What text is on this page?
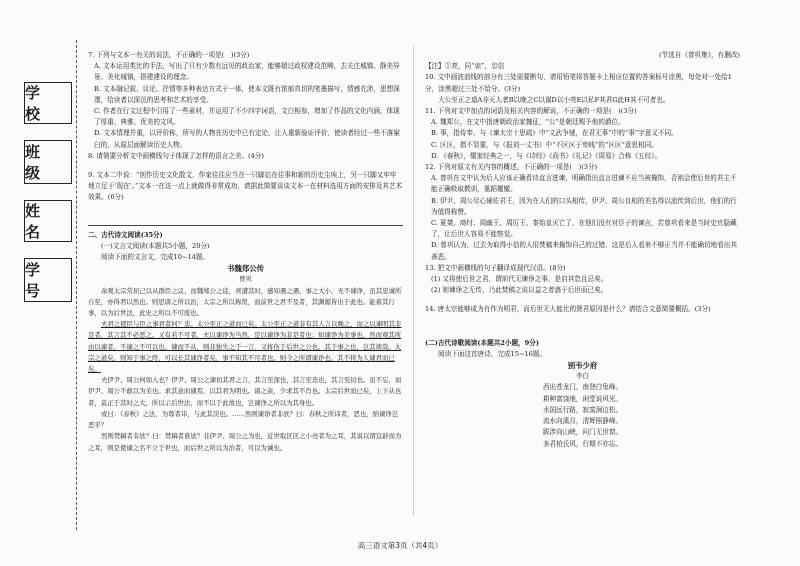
学 校
班 级
姓 名
学 号

7. 下列与文本一有关的说法，不正确的一项是(　)(3分)

A. 文本运用类比的手法，写出了只有少数有远见的政治家，能够超过政权建设范畴，去关注城镇、静美异景、美化城镇，搭建建设的理念。

B. 文本融记叙、议论、抒情等多种表达方式于一体，使本文既有浓郁真切的笔墨描写，情感充沛，思想深邃，给读者以深沉的思考和艺术的享受。

C. 作者在行文过程中引用了一些素材，并运用了不少四字词语，文白相参，增加了作品的文化内涵，体现了厚重、典雅、优美的文风。

D. 文本情理并重，以评价称，所写的人物在历史中已有定论，让人重新验证评价，使读者经过一些不落窠臼的，从原层面解读历史人物。

8. 请简要分析文中画横线句子体现了怎样的语言之美。(4分)

9. 文本二中说：“创作历史文化散文，作家往往应当在一只脚站在往事和新的历史尘埃上，另一只脚又牢牢地立足于‘现在’。”文本一在这一点上就做得非常成功，请据此简要谈谈文本一在材料选用方面的安排及其艺术效果。(6分)

二、古代诗文阅读(35分)

(一)文言文阅读(本题共5小题，20分)

阅读下面的文言文，完成10~14题。

书魏郑公传

曾巩

余观太宗常屈己以从群臣之议，而魏郑公之徒，喜遭其时，感知遇之遇，事之大小，无不谏诤，虽其忠诚所自至，亦得君以然也。则思唐之所以治，太宗之所以称贤，而前世之君不及者，其渊源皆出于此也。能着其行事，以为后世法，此史之所以不可废也。

夫君之使臣与臣之事君者何？忠。太公至正之道而已矣。太公至正之道非有其人言以晚之，而之以谏明其非是者，其言其不必恶之。又有若不可者，夫以谏诤为当然，是以谏诤为非是者也；知谏诤为美事也，然而观其所由以谏者，不谏之不可以也。谏而不从，则非独失之于一言，又将伤于后世之公也。其于事之也，岂其谀哉。太宗之道矣，则知于事之终，可以长其谏诤者矣，事不知其不可者也。则今之所谓谏诤也，其不将为人谏君而已矣。

夫伊尹、周公何如人也？伊尹、周公之谏切其君之言，其言至深也，其言至忠也，其言至切也。虽不忘，而伊尹、周公不敢以为美也。求其意而谏焉，以其君为明也。诸之余，少求其不肖也。太宗后世而已矣，上下从也者，莫正于其时之大，所以示后世法，而不以于此故也，岂谏诤之所以为其身也。

或曰：《春秋》之法，为尊者讳，与此其戾也。……然则谏诤者非欤？曰：春秋之所讳者，恶也，纳谏诤岂恶乎？

然则焚稿者非欤？曰：焚稿者谁欤？非伊尹、周公之为也，近世取区区之小亮者为之耳，其说以谓宜辟而为之耳，则是使谏之名不立于世也，而后世之所以为治者，可以为诫也。

(节选自《曾巩集》，有删改)

【注】①亮，同“谅”，忠信

10. 文中画波浪线的部分有三处需要断句，请用铅笔将答题卡上相应位置的答案标号涂黑，每处对一处给1分，涂黑超过三处不给分。(3分)

大公至正之道A非天人者B以晚之C以谋D以小亮E以私F其君G此H其不可者也。

11. 下列对文中加点的词语及相关内容的解说，不正确的一项是(　)(3分)

A. 魏郑公，在文中指唐朝政治家魏征，“公”是朝廷赐予他的爵位。

B. 事，指侍奉，与《谏太宗十思疏》中“文武争驰，在君无事”中的“事”字意义不同。

C. 区区，指不显要，与《报刘一丈书》中“不区区于卑贱”的“区区”意思相同。

D. 《春秋》，儒家经典之一，与《诗经》《尚书》《礼记》《周易》合称《五经》。

12. 下列对原文有关内容的概述，不正确的一项是(　)(3分)

A. 曾巩在文中认为后人应该正确看待直言进谏，明确指出直言进谏不应当被掩饰，否则会使后世的君主不能正确吸取教训，重蹈覆辙。

B. 伊尹、周公尽心辅佐君王，因为在人们的口头相传，伊尹、周公良相的美名得以流传到后世，他们的行为值得称赞。

C. 夏桀、商纣、周幽王、周厉王、秦始皇灭亡了，在他们没有对臣子的谏言，若曾巩看来是当时史官隐藏了，让后世人容易不能察觉。

D. 曾巩认为，过去为取得小信的人用焚稿来掩饰自己的过错，这是后人看来不够正当并不能确切地看出其善恶。

13. 把文中画横线的句子翻译成现代汉语。(8分)

(1) 又将使后世之君，谓前代无谏诤之事，是启其怠且忌矣。

(2) 则谏诤之无传，乃此焚稿之说以益之者惑于后世而已矣。

14. 唐太宗能够成为有作为明君，而后世无人能比的贤君原因是什么？请结合文意简要概括。(3分)

(二)古代诗歌阅读(本题共2小题，9分)

阅读下面这首唐诗，完成15~16题。

别韦少府

李白

西出苍龙门，南登白兔峰。

耕种富饶地，闲堂说风光。

水国远行路，寂寞涧边松。

流水向溪月，清辉照静峰。

跋涉向山峡，问门无世窗。

多君柏氏风，行期不亦忘。

高三语文第3页（共4页）
